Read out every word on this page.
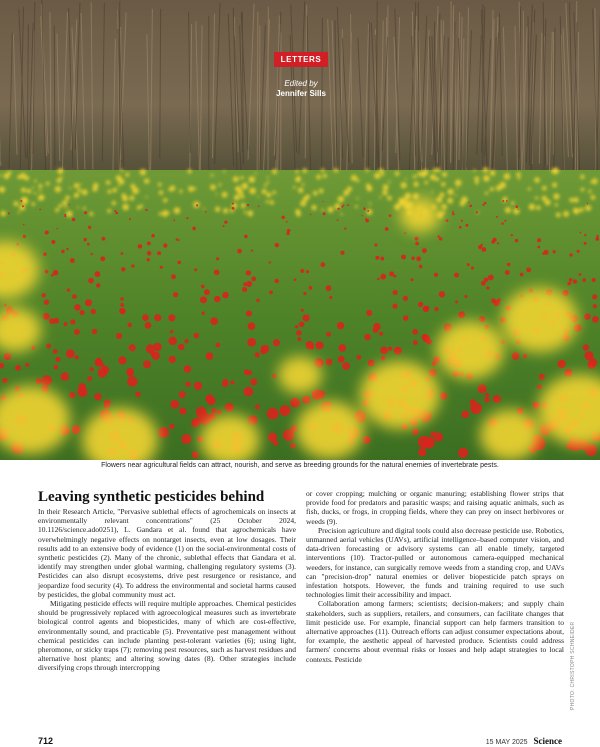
LETTERS
Edited by
Jennifer Sills
Flowers near agricultural fields can attract, nourish, and serve as breeding grounds for the natural enemies of invertebrate pests.
Leaving synthetic pesticides behind

In their Research Article, "Pervasive sublethal effects of agrochemicals on insects at environmentally relevant concentrations" (25 October 2024, 10.1126/science.ado0251), L. Gandara et al. found that agrochemicals have overwhelmingly negative effects on nontarget insects, even at low dosages. Their results add to an extensive body of evidence (1) on the social-environmental costs of synthetic pesticides (2). Many of the chronic, sublethal effects that Gandara et al. identify may strengthen under global warming, challenging regulatory systems (3). Pesticides can also disrupt ecosystems, drive pest resurgence or resistance, and jeopardize food security (4). To address the environmental and societal harms caused by pesticides, the global community must act.

Mitigating pesticide effects will require multiple approaches. Chemical pesticides should be progressively replaced with agroecological measures such as invertebrate biological control agents and biopesticides, many of which are cost-effective, environmentally sound, and practicable (5). Preventative pest management without chemical pesticides can include planting pest-tolerant varieties (6); using light, pheromone, or sticky traps (7); removing pest resources, such as harvest residues and alternative host plants; and altering sowing dates (8). Other strategies include diversifying crops through intercropping

or cover cropping; mulching or organic manuring; establishing flower strips that provide food for predators and parasitic wasps; and raising aquatic animals, such as fish, ducks, or frogs, in cropping fields, where they can prey on insect herbivores or weeds (9).

Precision agriculture and digital tools could also decrease pesticide use. Robotics, unmanned aerial vehicles (UAVs), artificial intelligence–based computer vision, and data-driven forecasting or advisory systems can all enable timely, targeted interventions (10). Tractor-pulled or autonomous camera-equipped mechanical weeders, for instance, can surgically remove weeds from a standing crop, and UAVs can "precision-drop" natural enemies or deliver biopesticide patch sprays on infestation hotspots. However, the funds and training required to use such technologies limit their accessibility and impact.

Collaboration among farmers; scientists; decision-makers; and supply chain stakeholders, such as suppliers, retailers, and consumers, can facilitate changes that limit pesticide use. For example, financial support can help farmers transition to alternative approaches (11). Outreach efforts can adjust consumer expectations about, for example, the aesthetic appeal of harvested produce. Scientists could address farmers' concerns about eventual risks or losses and help adapt strategies to local contexts. Pesticide	PHOTO: CHRISTOPH SCHNEIDER
712	15 MAY 2025 Science
